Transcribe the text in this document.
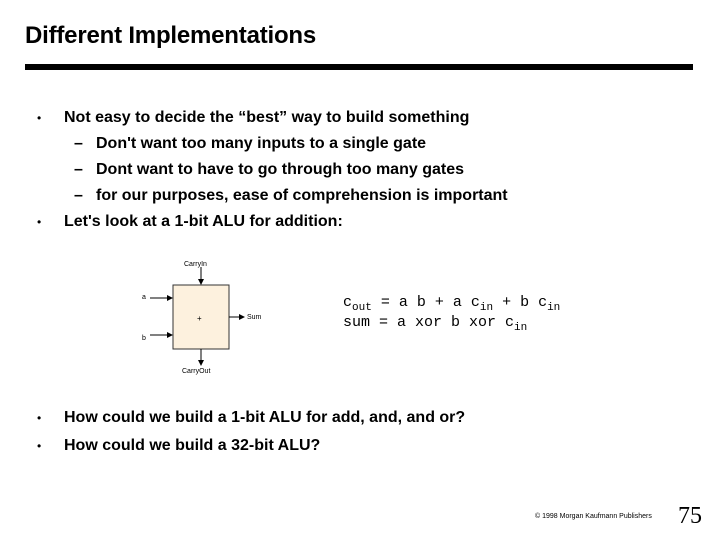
Different Implementations
• Not easy to decide the “best” way to build something
– Don't want too many inputs to a single gate
– Dont want to have to go through too many gates
– for our purposes, ease of comprehension is important
• Let's look at a 1-bit ALU for addition:
CarryIn
a
b
+	Sum
CarryOut
$c_{out} = a$ b + a $c_{in} + b$ $c_{in}$
sum = a xor b xor $c_{in}$
• How could we build a 1-bit ALU for add, and, and or?
• How could we build a 32-bit ALU?
© 1998 Morgan Kaufmann Publishers 75
